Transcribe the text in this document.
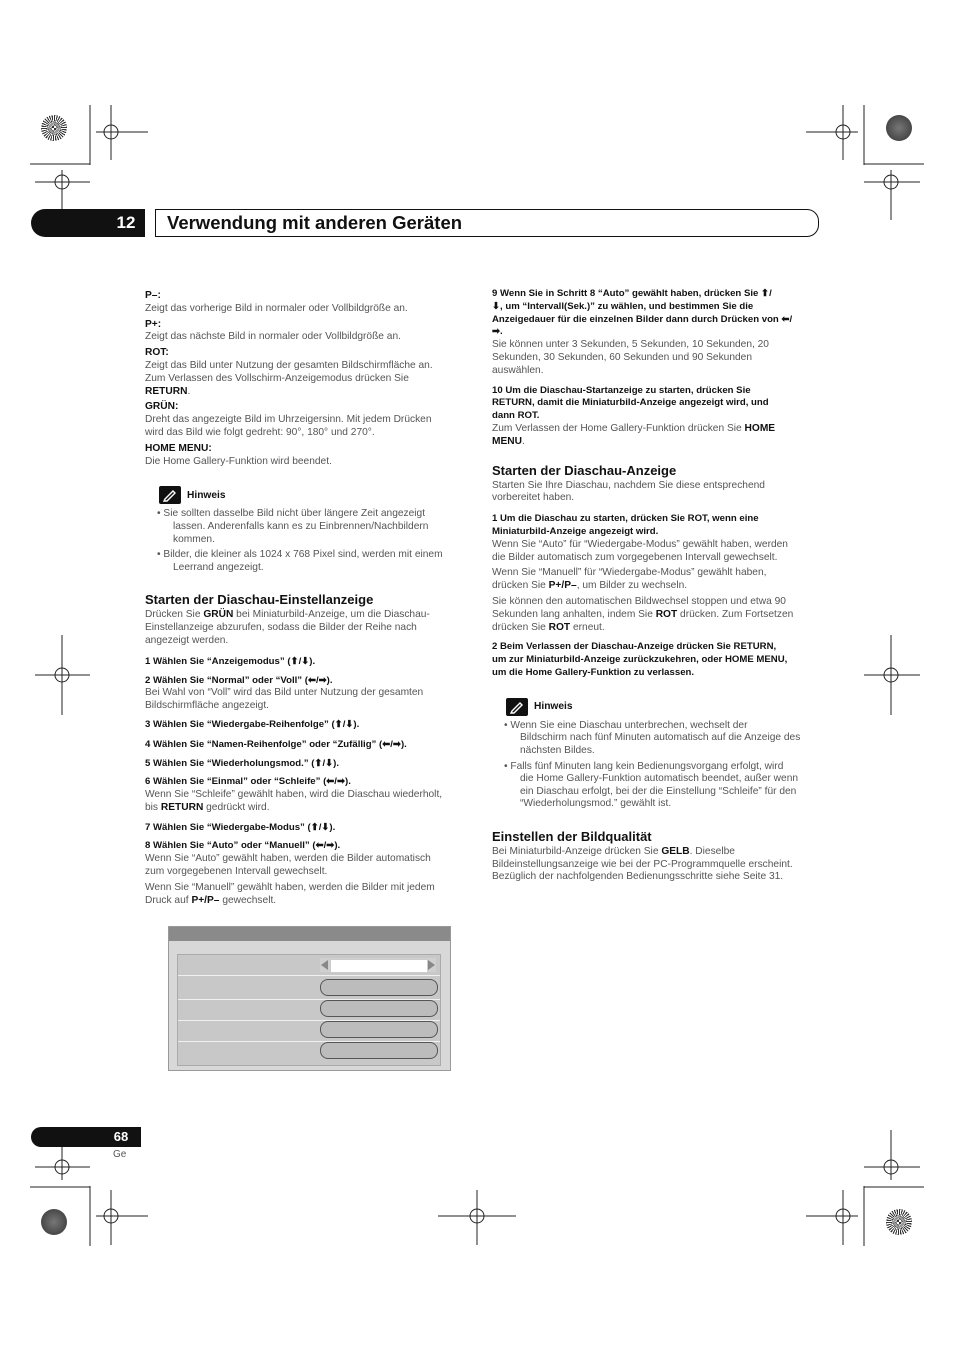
12	Verwendung mit anderen Geräten

P–:

Zeigt das vorherige Bild in normaler oder Vollbildgröße an.

P+:

Zeigt das nächste Bild in normaler oder Vollbildgröße an.

ROT:

Zeigt das Bild unter Nutzung der gesamten Bildschirmfläche an.

Zum Verlassen des Vollschirm-Anzeigemodus drücken Sie

RETURN.

GRÜN:

Dreht das angezeigte Bild im Uhrzeigersinn. Mit jedem Drücken

wird das Bild wie folgt gedreht: 90°, 180° und 270°.

HOME MENU:

Die Home Gallery-Funktion wird beendet.

Hinweis

• Sie sollten dasselbe Bild nicht über längere Zeit angezeigt

lassen. Anderenfalls kann es zu Einbrennen/Nachbildern

kommen.

• Bilder, die kleiner als 1024 x 768 Pixel sind, werden mit einem

Leerrand angezeigt.

Starten der Diaschau-Einstellanzeige

Drücken Sie GRÜN bei Miniaturbild-Anzeige, um die Diaschau-

Einstellanzeige abzurufen, sodass die Bilder der Reihe nach

angezeigt werden.

1 Wählen Sie “Anzeigemodus” (⬆/⬇).

2 Wählen Sie “Normal” oder “Voll” (⬅/➡).

Bei Wahl von “Voll” wird das Bild unter Nutzung der gesamten

Bildschirmfläche angezeigt.

3 Wählen Sie “Wiedergabe-Reihenfolge” (⬆/⬇).

4 Wählen Sie “Namen-Reihenfolge” oder “Zufällig” (⬅/➡).

5 Wählen Sie “Wiederholungsmod.” (⬆/⬇).

6 Wählen Sie “Einmal” oder “Schleife” (⬅/➡).

Wenn Sie “Schleife” gewählt haben, wird die Diaschau wiederholt,

bis RETURN gedrückt wird.

7 Wählen Sie “Wiedergabe-Modus” (⬆/⬇).

8 Wählen Sie “Auto” oder “Manuell” (⬅/➡).

Wenn Sie “Auto” gewählt haben, werden die Bilder automatisch

zum vorgegebenen Intervall gewechselt.

Wenn Sie “Manuell” gewählt haben, werden die Bilder mit jedem

Druck auf P+/P– gewechselt.

9 Wenn Sie in Schritt 8 “Auto” gewählt haben, drücken Sie ⬆/

⬇, um “Intervall(Sek.)” zu wählen, und bestimmen Sie die

Anzeigedauer für die einzelnen Bilder dann durch Drücken von ⬅/

➡.

Sie können unter 3 Sekunden, 5 Sekunden, 10 Sekunden, 20

Sekunden, 30 Sekunden, 60 Sekunden und 90 Sekunden

auswählen.

10 Um die Diaschau-Startanzeige zu starten, drücken Sie

RETURN, damit die Miniaturbild-Anzeige angezeigt wird, und

dann ROT.

Zum Verlassen der Home Gallery-Funktion drücken Sie HOME

MENU.

Starten der Diaschau-Anzeige

Starten Sie Ihre Diaschau, nachdem Sie diese entsprechend

vorbereitet haben.

1 Um die Diaschau zu starten, drücken Sie ROT, wenn eine

Miniaturbild-Anzeige angezeigt wird.

Wenn Sie “Auto” für “Wiedergabe-Modus” gewählt haben, werden

die Bilder automatisch zum vorgegebenen Intervall gewechselt.

Wenn Sie “Manuell” für “Wiedergabe-Modus” gewählt haben,

drücken Sie P+/P–, um Bilder zu wechseln.

Sie können den automatischen Bildwechsel stoppen und etwa 90

Sekunden lang anhalten, indem Sie ROT drücken. Zum Fortsetzen

drücken Sie ROT erneut.

2 Beim Verlassen der Diaschau-Anzeige drücken Sie RETURN,

um zur Miniaturbild-Anzeige zurückzukehren, oder HOME MENU,

um die Home Gallery-Funktion zu verlassen.

Hinweis

• Wenn Sie eine Diaschau unterbrechen, wechselt der

Bildschirm nach fünf Minuten automatisch auf die Anzeige des

nächsten Bildes.

• Falls fünf Minuten lang kein Bedienungsvorgang erfolgt, wird

die Home Gallery-Funktion automatisch beendet, außer wenn

ein Diaschau erfolgt, bei der die Einstellung “Schleife” für den

“Wiederholungsmod.” gewählt ist.

Einstellen der Bildqualität

Bei Miniaturbild-Anzeige drücken Sie GELB. Dieselbe

Bildeinstellungsanzeige wie bei der PC-Programmquelle erscheint.

Bezüglich der nachfolgenden Bedienungsschritte siehe Seite 31.

68
Ge
